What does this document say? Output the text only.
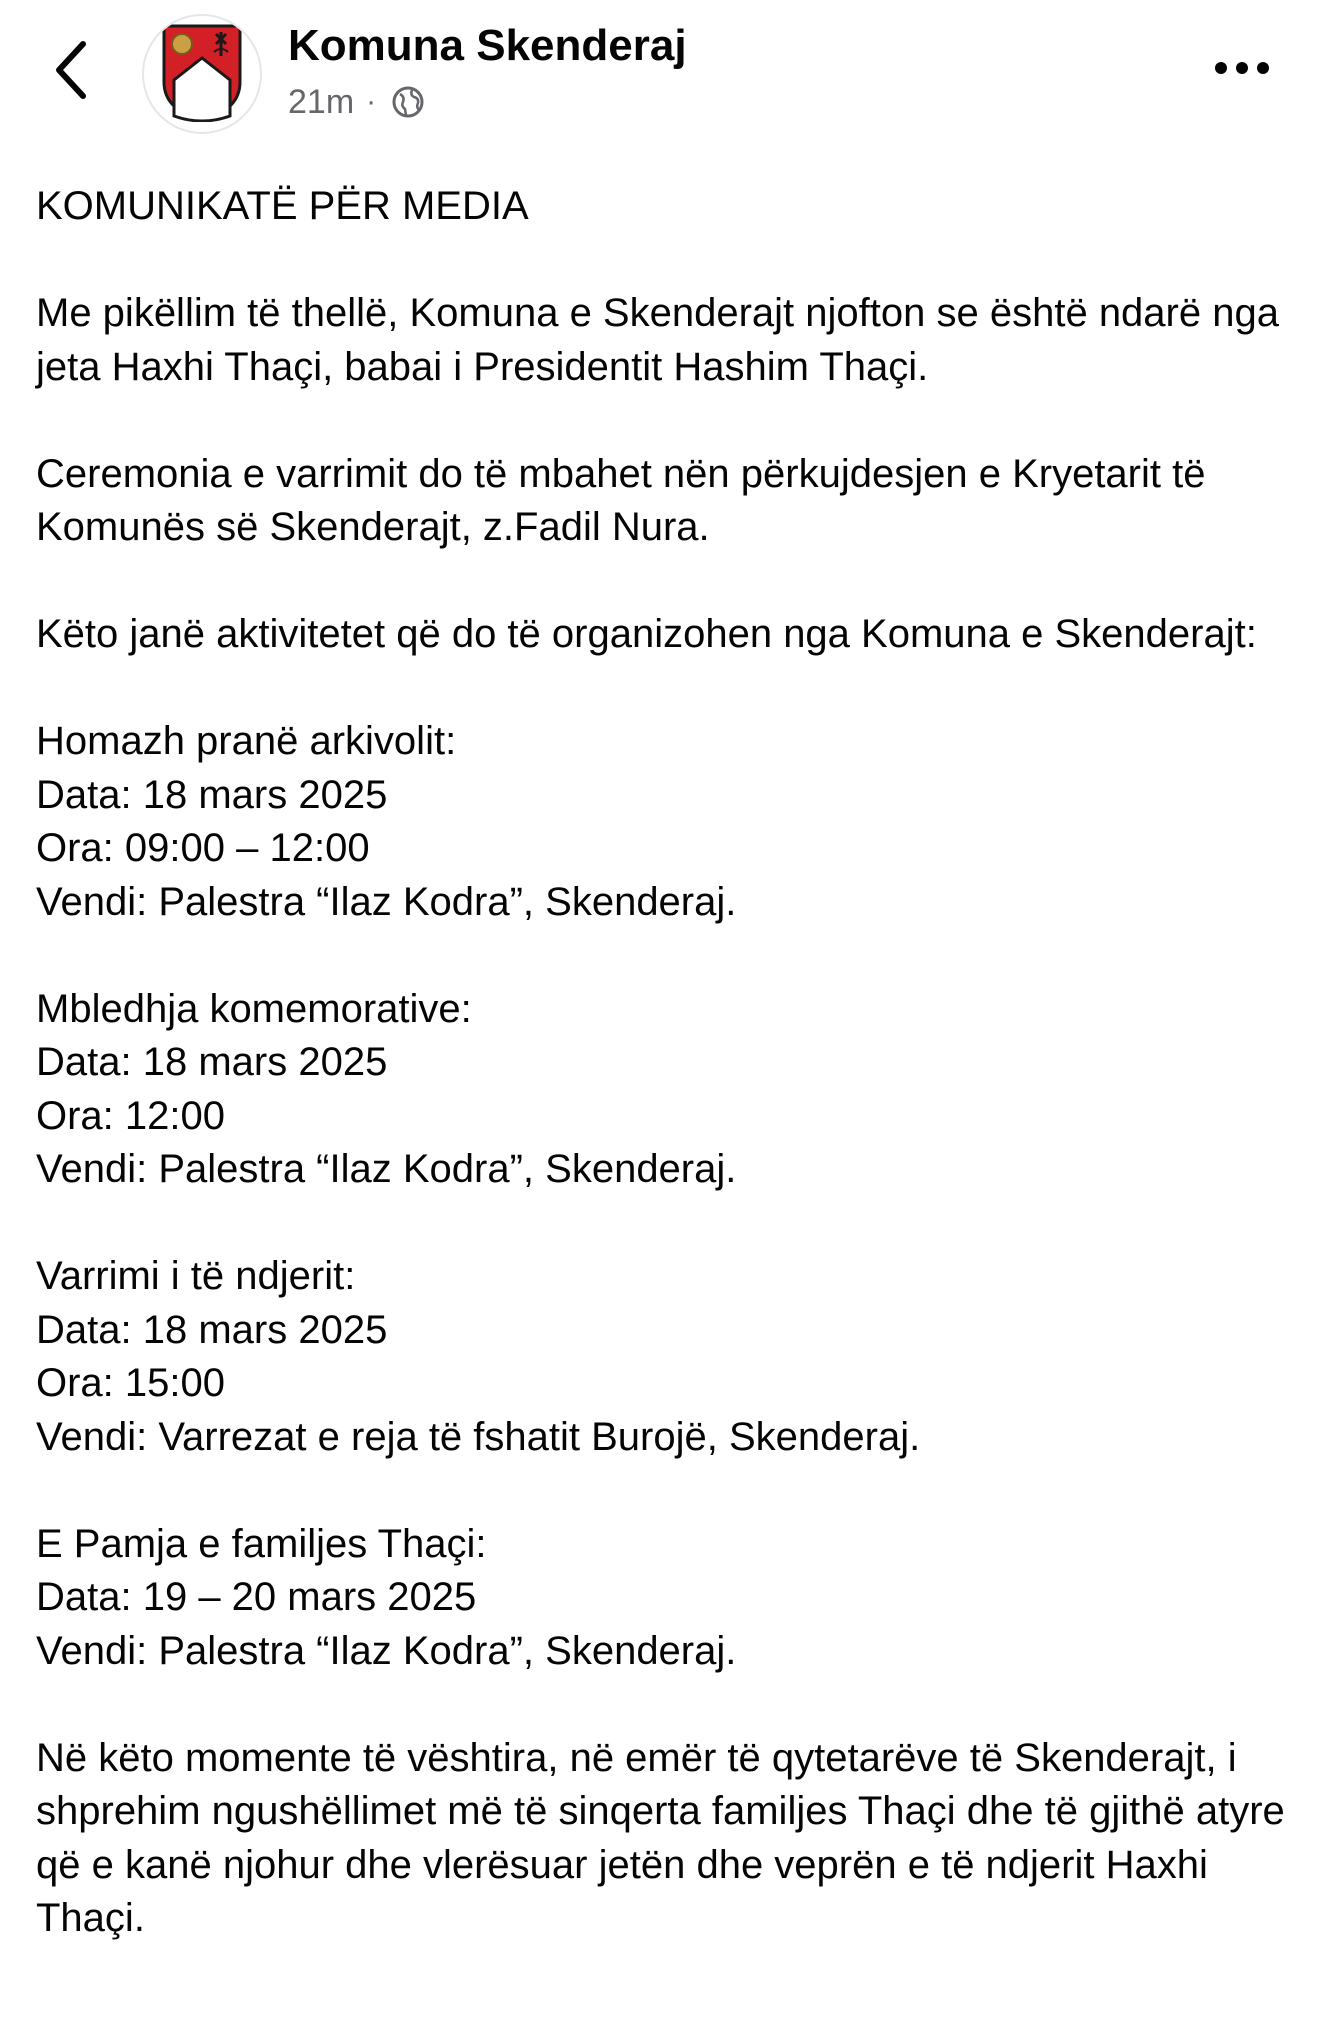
Komuna Skenderaj
21m ·

KOMUNIKATË PËR MEDIA

Me pikëllim të thellë, Komuna e Skenderajt njofton se është ndarë nga jeta Haxhi Thaçi, babai i Presidentit Hashim Thaçi.

Ceremonia e varrimit do të mbahet nën përkujdesjen e Kryetarit të Komunës së Skenderajt, z.Fadil Nura.

Këto janë aktivitetet që do të organizohen nga Komuna e Skenderajt:

Homazh pranë arkivolit:
Data: 18 mars 2025
Ora: 09:00 – 12:00
Vendi: Palestra “Ilaz Kodra”, Skenderaj.

Mbledhja komemorative:
Data: 18 mars 2025
Ora: 12:00
Vendi: Palestra “Ilaz Kodra”, Skenderaj.

Varrimi i të ndjerit:
Data: 18 mars 2025
Ora: 15:00
Vendi: Varrezat e reja të fshatit Burojë, Skenderaj.

E Pamja e familjes Thaçi:
Data: 19 – 20 mars 2025
Vendi: Palestra “Ilaz Kodra”, Skenderaj.

Në këto momente të vështira, në emër të qytetarëve të Skenderajt, i shprehim ngushëllimet më të sinqerta familjes Thaçi dhe të gjithë atyre që e kanë njohur dhe vlerësuar jetën dhe veprën e të ndjerit Haxhi Thaçi.
